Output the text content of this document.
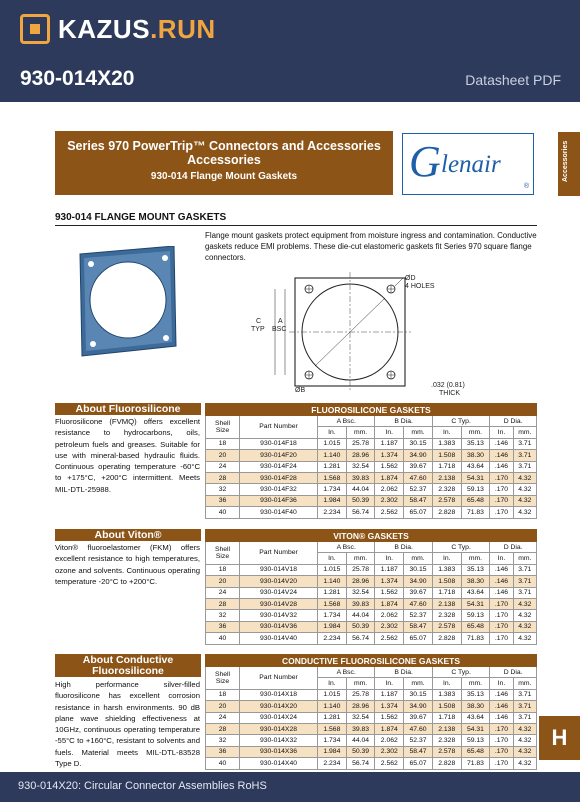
KAZUS.RUN
930-014X20	Datasheet PDF
Series 970 PowerTrip™ Connectors and Accessories
Accessories
930-014 Flange Mount Gaskets	G lenair
®
Accessories
930-014 FLANGE MOUNT GASKETS
Flange mount gaskets protect equipment from moisture ingress and contamination. Conductive gaskets reduce EMI problems. These die-cut elastomeric gaskets fit Series 970 square flange connectors.
ØD
4 HOLES
C
TYP
A
BSC
ØB
.032 (0.81)
THICK
About Fluorosilicone
Fluorosilicone (FVMQ) offers excellent resistance to hydrocarbons, oils, petroleum fuels and greases. Suitable for use with mineral-based hydraulic fluids. Continuous operating temperature -60°C to +175°C, +200°C intermittent. Meets MIL-DTL-25988.
About Viton®
Viton® fluoroelastomer (FKM) offers excellent resistance to high temperatures, ozone and solvents. Continuous operating temperature -20°C to +200°C.
About Conductive
Fluorosilicone
High performance silver-filled fluorosilicone has excellent corrosion resistance in harsh environments. 90 dB plane wave shielding effectiveness at 10GHz, continuous operating temperature -55°C to +160°C, resistant to solvents and fuels. Material meets MIL-DTL-83528 Type D.
FLUOROSILICONE GASKETS									
Shell
Size	Part Number	A Bsc.		B Dia.		C Typ.		D Dia.	
		In.	mm.	In.	mm.	In.	mm.	In.	mm.
18	930-014F18	1.015	25.78	1.187	30.15	1.383	35.13	.146	3.71
20	930-014F20	1.140	28.96	1.374	34.90	1.508	38.30	.146	3.71
24	930-014F24	1.281	32.54	1.562	39.67	1.718	43.64	.146	3.71
28	930-014F28	1.568	39.83	1.874	47.60	2.138	54.31	.170	4.32
32	930-014F32	1.734	44.04	2.062	52.37	2.328	59.13	.170	4.32
36	930-014F36	1.984	50.39	2.302	58.47	2.578	65.48	.170	4.32
40	930-014F40	2.234	56.74	2.562	65.07	2.828	71.83	.170	4.32
VITON® GASKETS									
Shell
Size	Part Number	A Bsc.		B Dia.		C Typ.		D Dia.	
		In.	mm.	In.	mm.	In.	mm.	In.	mm.
18	930-014V18	1.015	25.78	1.187	30.15	1.383	35.13	.146	3.71
20	930-014V20	1.140	28.96	1.374	34.90	1.508	38.30	.146	3.71
24	930-014V24	1.281	32.54	1.562	39.67	1.718	43.64	.146	3.71
28	930-014V28	1.568	39.83	1.874	47.60	2.138	54.31	.170	4.32
32	930-014V32	1.734	44.04	2.062	52.37	2.328	59.13	.170	4.32
36	930-014V36	1.984	50.39	2.302	58.47	2.578	65.48	.170	4.32
40	930-014V40	2.234	56.74	2.562	65.07	2.828	71.83	.170	4.32
CONDUCTIVE FLUOROSILICONE GASKETS									
Shell
Size	Part Number	A Bsc.		B Dia.		C Typ.		D Dia.	
		In.	mm.	In.	mm.	In.	mm.	In.	mm.
18	930-014X18	1.015	25.78	1.187	30.15	1.383	35.13	.146	3.71
20	930-014X20	1.140	28.96	1.374	34.90	1.508	38.30	.146	3.71
24	930-014X24	1.281	32.54	1.562	39.67	1.718	43.64	.146	3.71
28	930-014X28	1.568	39.83	1.874	47.60	2.138	54.31	.170	4.32
32	930-014X32	1.734	44.04	2.062	52.37	2.328	59.13	.170	4.32
36	930-014X36	1.984	50.39	2.302	58.47	2.578	65.48	.170	4.32
40	930-014X40	2.234	56.74	2.562	65.07	2.828	71.83	.170	4.32
H
930-014X20: Circular Connector Assemblies RoHS
